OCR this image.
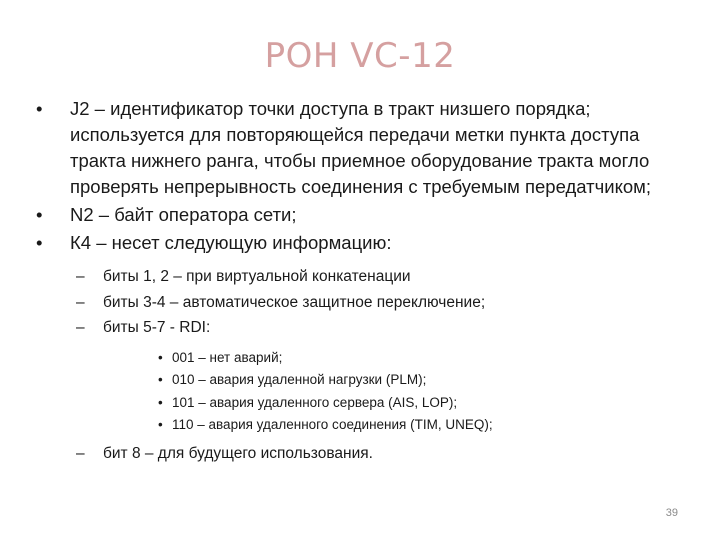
POH VC-12
• J2 – идентификатор точки доступа в тракт низшего порядка; используется для повторяющейся передачи метки пункта доступа тракта нижнего ранга, чтобы приемное оборудование тракта могло проверять непрерывность соединения с требуемым передатчиком;
• N2 – байт оператора сети;
• К4 – несет следующую информацию:
– биты 1, 2 – при виртуальной конкатенации
– биты 3-4 – автоматическое защитное переключение;
– биты 5-7 - RDI:
• 001 – нет аварий;
• 010 – авария удаленной нагрузки (PLM);
• 101 – авария удаленного сервера (AIS, LOP);
• 110 – авария удаленного соединения (TIM, UNEQ);
– бит 8 – для будущего использования.
39
